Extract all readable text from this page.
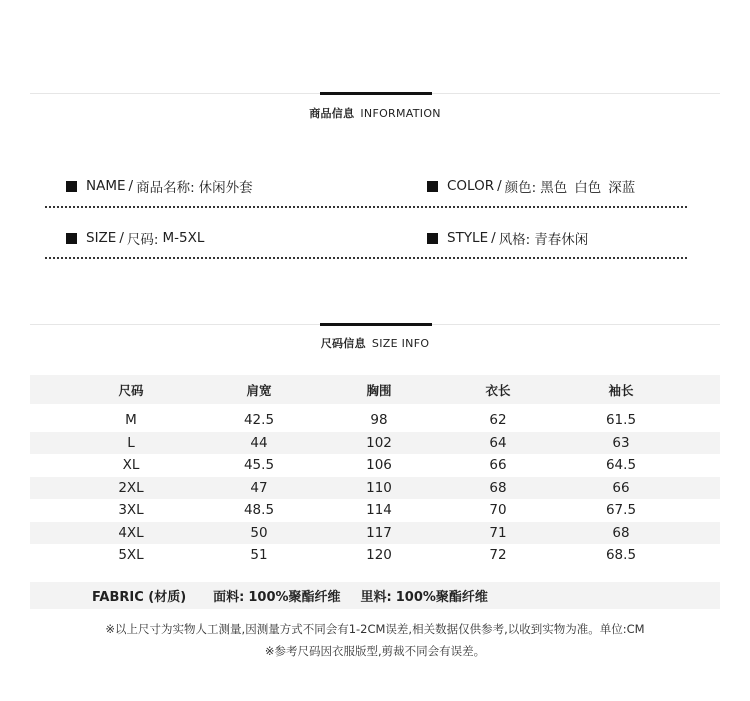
商品信息 INFORMATION
NAME / 商品名称: 休闲外套	COLOR / 颜色: 黑色 白色 深蓝
SIZE / 尺码: M-5XL	STYLE / 风格: 青春休闲
尺码信息 SIZE INFO
尺码	肩宽	胸围	衣长	袖长
M	42.5	98	62	61.5
L	44	102	64	63
XL	45.5	106	66	64.5
2XL	47	110	68	66
3XL	48.5	114	70	67.5
4XL	50	117	71	68
5XL	51	120	72	68.5
FABRIC (材质) 面料: 100%聚酯纤维 里料: 100%聚酯纤维
※以上尺寸为实物人工测量,因测量方式不同会有1-2CM误差,相关数据仅供参考,以收到实物为准。单位:CM
※参考尺码因衣服版型,剪裁不同会有误差。
